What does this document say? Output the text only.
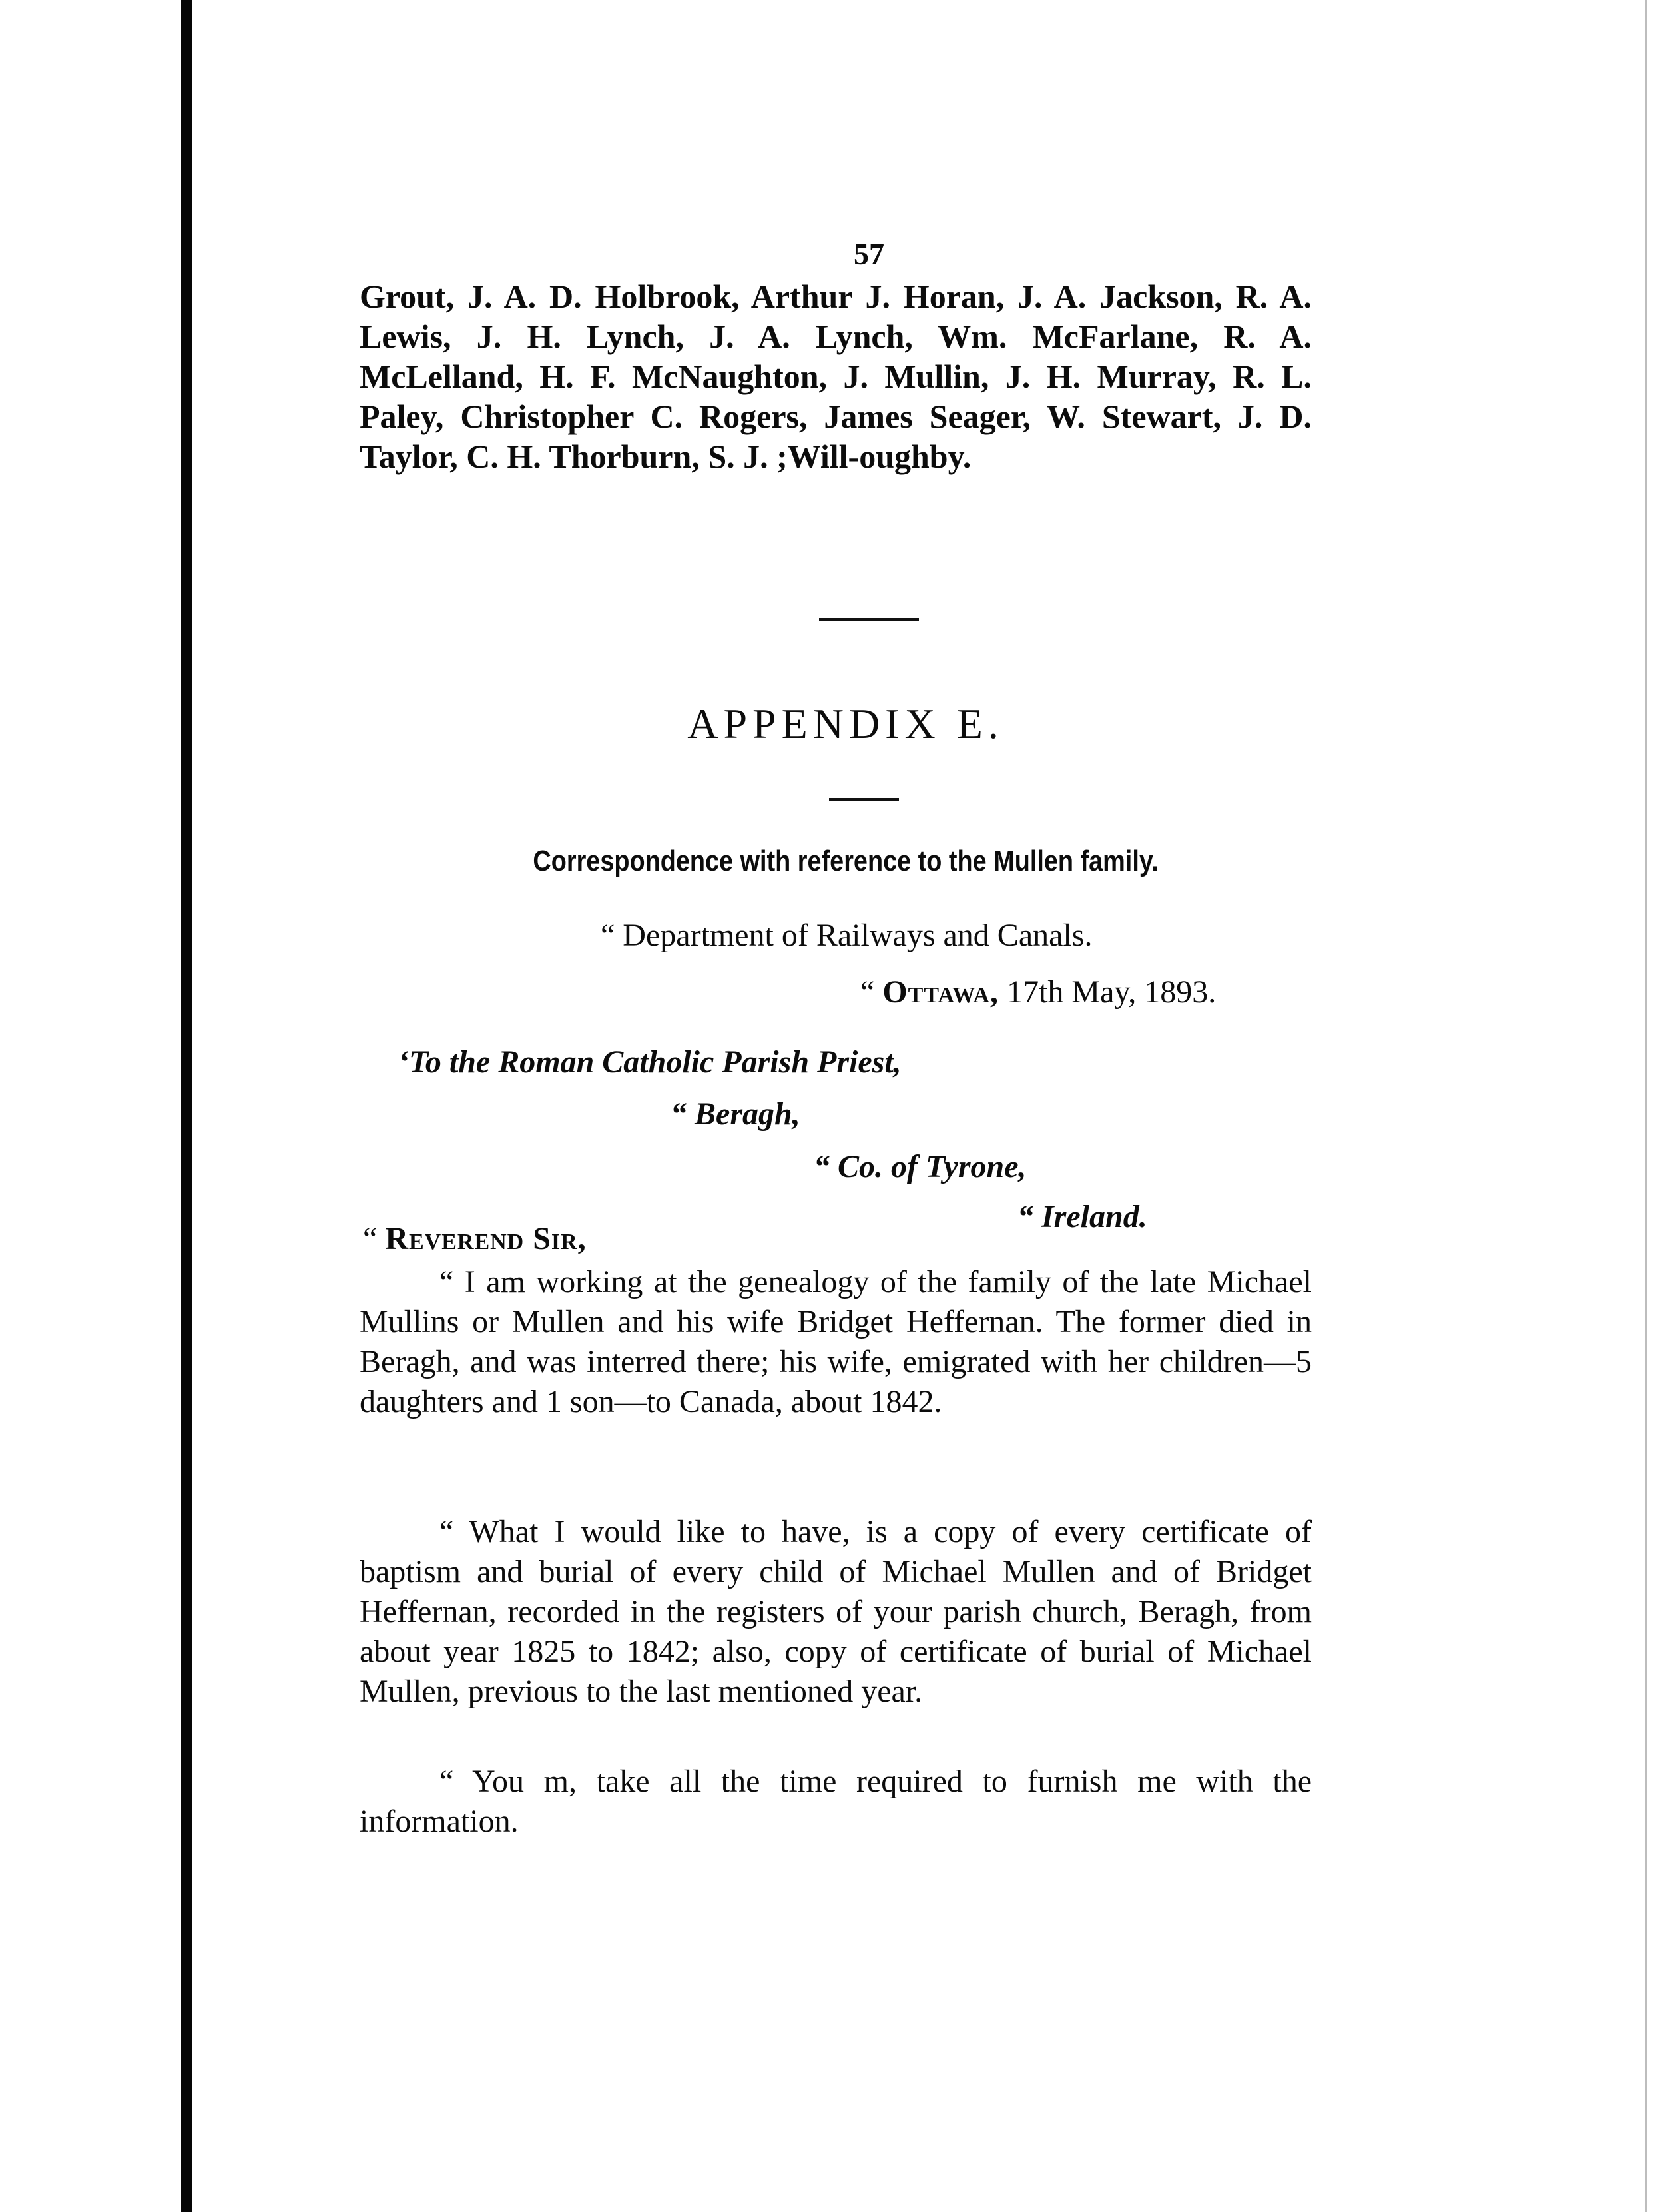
57
Grout, J. A. D. Holbrook, Arthur J. Horan, J. A. Jackson, R. A. Lewis, J. H. Lynch, J. A. Lynch, Wm. McFarlane, R. A. McLelland, H. F. McNaughton, J. Mullin, J. H. Murray, R. L. Paley, Christopher C. Rogers, James Seager, W. Stewart, J. D. Taylor, C. H. Thorburn, S. J. ;Will-oughby.
APPENDIX E.
Correspondence with reference to the Mullen family.
“ Department of Railways and Canals.
“ Ottawa, 17th May, 1893.
‘To the Roman Catholic Parish Priest,
“ Beragh,
“ Co. of Tyrone,
“ Ireland.
“ Reverend Sir,

“ I am working at the genealogy of the family of the late Michael Mullins or Mullen and his wife Bridget Heffernan. The former died in Beragh, and was interred there; his wife, emigrated with her children—5 daughters and 1 son—to Canada, about 1842.

“ What I would like to have, is a copy of every certificate of baptism and burial of every child of Michael Mullen and of Bridget Heffernan, recorded in the registers of your parish church, Beragh, from about year 1825 to 1842; also, copy of certificate of burial of Michael Mullen, previous to the last mentioned year.

“ You m, take all the time required to furnish me with the information.
